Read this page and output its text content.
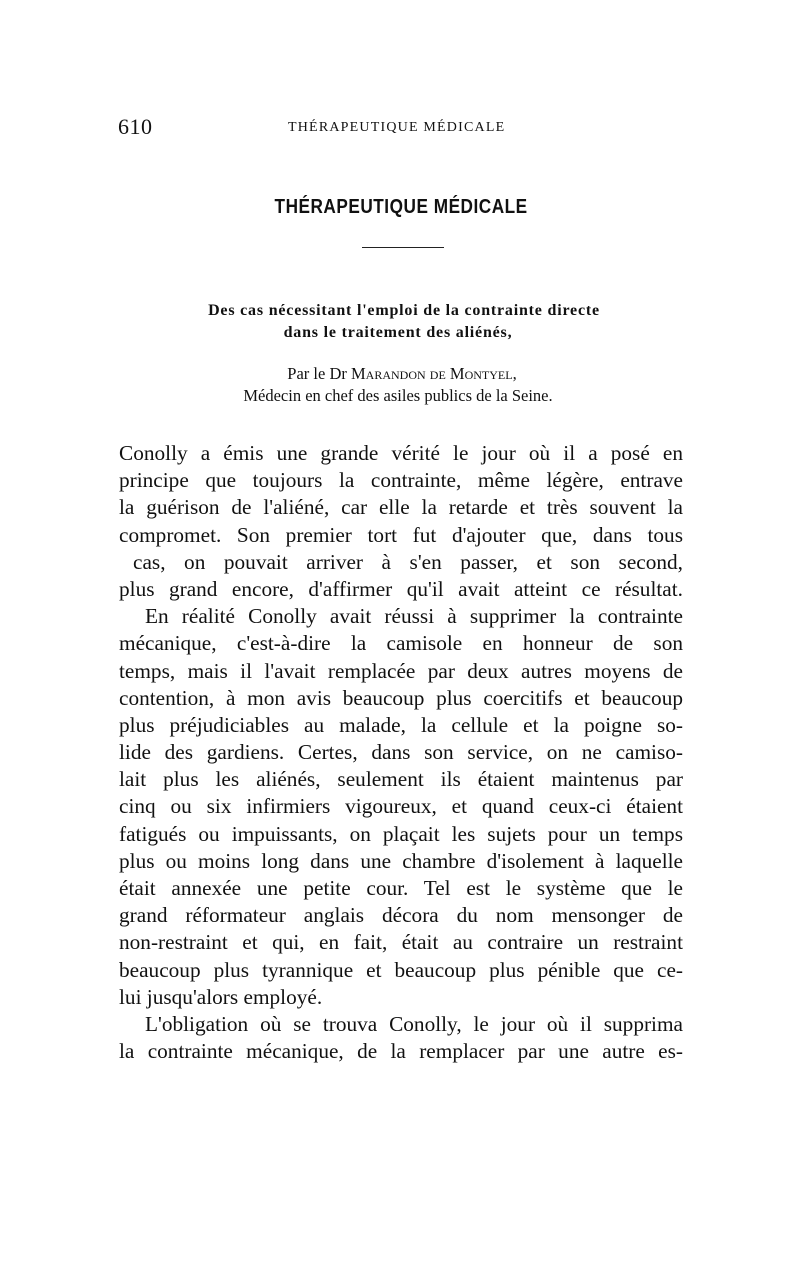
610	THÉRAPEUTIQUE MÉDICALE
THÉRAPEUTIQUE MÉDICALE
Des cas nécessitant l'emploi de la contrainte directe
dans le traitement des aliénés,
Par le Dr Marandon de Montyel,
Médecin en chef des asiles publics de la Seine.
Conolly a émis une grande vérité le jour où il a posé en
principe que toujours la contrainte, même légère, entrave
la guérison de l'aliéné, car elle la retarde et très souvent la
compromet. Son premier tort fut d'ajouter que, dans tous
cas, on pouvait arriver à s'en passer, et son second,
plus grand encore, d'affirmer qu'il avait atteint ce résultat.
En réalité Conolly avait réussi à supprimer la contrainte
mécanique, c'est-à-dire la camisole en honneur de son
temps, mais il l'avait remplacée par deux autres moyens de
contention, à mon avis beaucoup plus coercitifs et beaucoup
plus préjudiciables au malade, la cellule et la poigne so-
lide des gardiens. Certes, dans son service, on ne camiso-
lait plus les aliénés, seulement ils étaient maintenus par
cinq ou six infirmiers vigoureux, et quand ceux-ci étaient
fatigués ou impuissants, on plaçait les sujets pour un temps
plus ou moins long dans une chambre d'isolement à laquelle
était annexée une petite cour. Tel est le système que le
grand réformateur anglais décora du nom mensonger de
non-restraint et qui, en fait, était au contraire un restraint
beaucoup plus tyrannique et beaucoup plus pénible que ce-
lui jusqu'alors employé.
L'obligation où se trouva Conolly, le jour où il supprima
la contrainte mécanique, de la remplacer par une autre es-
